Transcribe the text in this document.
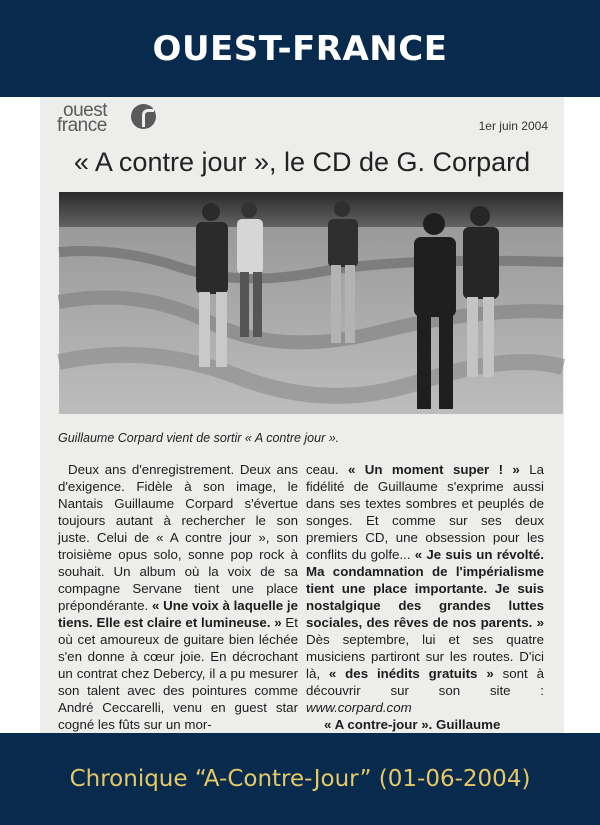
OUEST-FRANCE
ouest
france	1er juin 2004
« A contre jour », le CD de G. Corpard
Guillaume Corpard vient de sortir « A contre jour ».

Deux ans d'enregistrement. Deux ans d'exigence. Fidèle à son image, le Nantais Guillaume Corpard s'évertue toujours autant à rechercher le son juste. Celui de « A contre jour », son troisième opus solo, sonne pop rock à souhait. Un album où la voix de sa compagne Servane tient une place prépondérante. « Une voix à laquelle je tiens. Elle est claire et lumineuse. » Et où cet amoureux de guitare bien léchée s'en donne à cœur joie. En décrochant un contrat chez Debercy, il a pu mesurer son talent avec des pointures comme André Ceccarelli, venu en guest star cogné les fûts sur un mor-

ceau. « Un moment super ! » La fidélité de Guillaume s'exprime aussi dans ses textes sombres et peuplés de songes. Et comme sur ses deux premiers CD, une obsession pour les conflits du golfe... « Je suis un révolté. Ma condamnation de l'impérialisme tient une place importante. Je suis nostalgique des grandes luttes sociales, des rêves de nos parents. » Dès septembre, lui et ses quatre musiciens partiront sur les routes. D'ici là, « des inédits gratuits » sont à découvrir sur son site : www.corpard.com

« A contre-jour ». Guillaume

Chronique “A-Contre-Jour” (01-06-2004)
